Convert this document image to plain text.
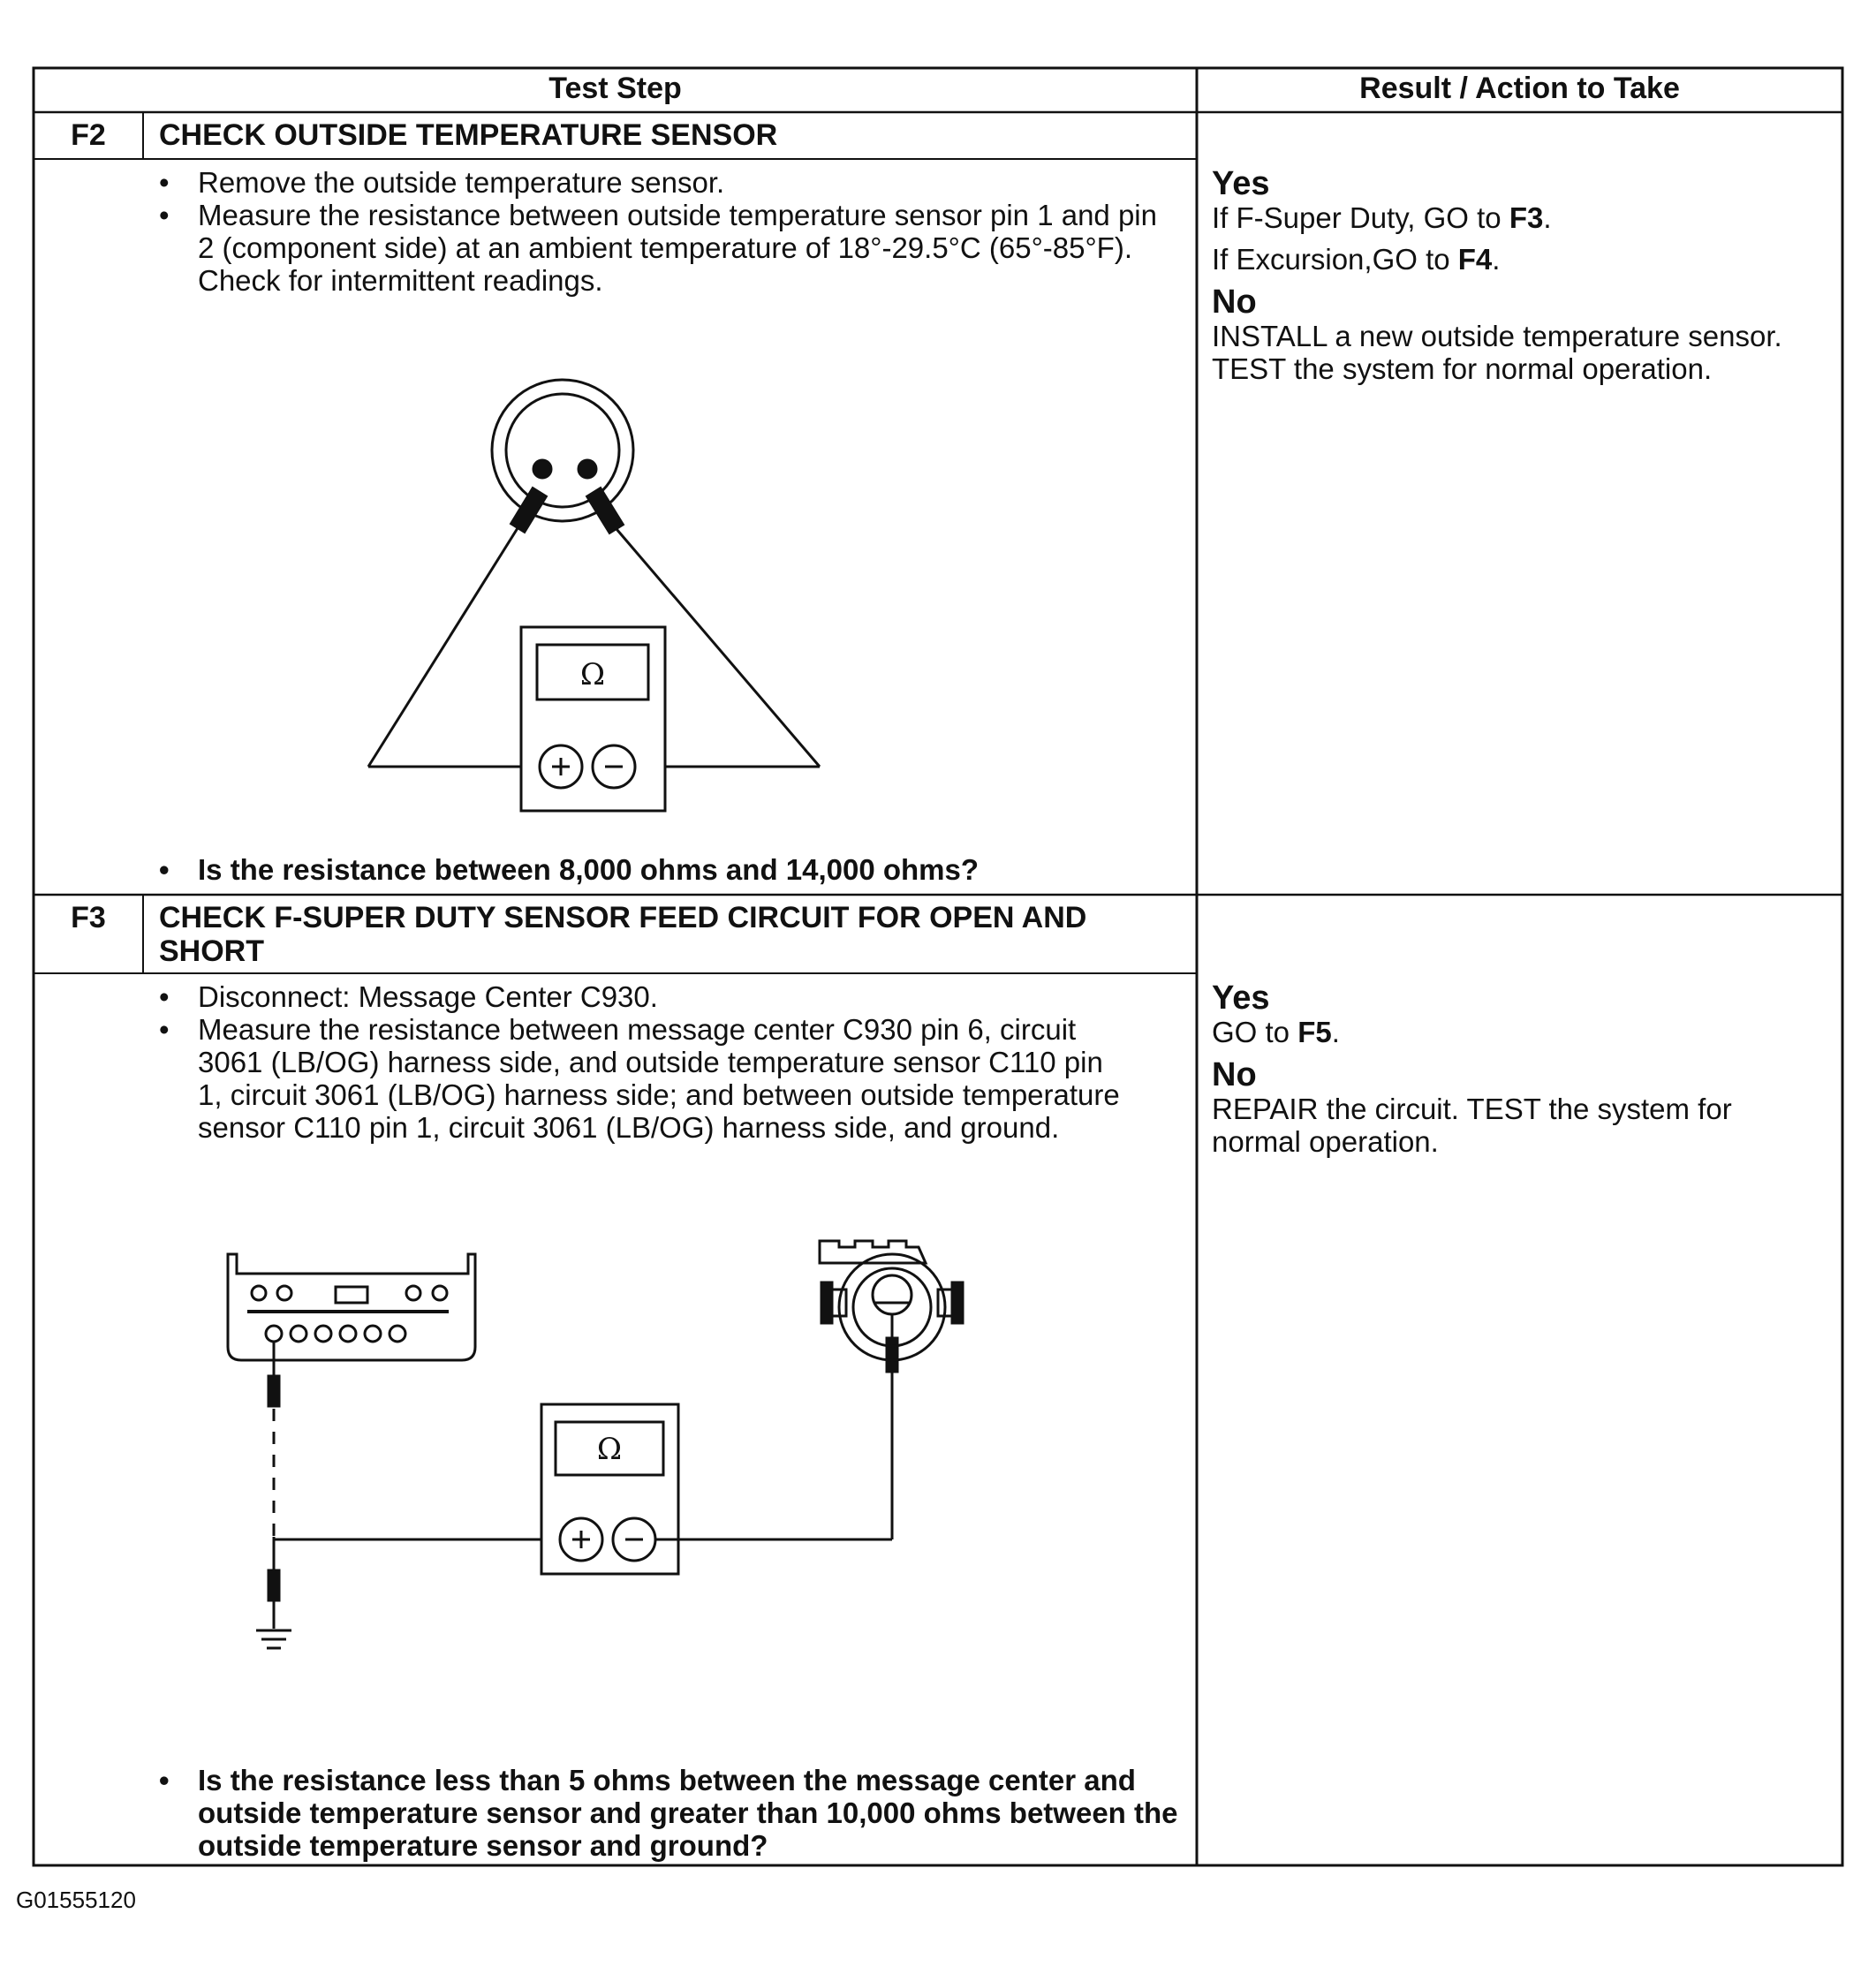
Test Step	Result / Action to Take
F2	CHECK OUTSIDE TEMPERATURE SENSOR
• Remove the outside temperature sensor.
• Measure the resistance between outside temperature sensor pin 1 and pin 2 (component side) at an ambient temperature of 18°-29.5°C (65°-85°F). Check for intermittent readings.
Ω
• Is the resistance between 8,000 ohms and 14,000 ohms?
Yes

If F-Super Duty, GO to F3.

If Excursion,GO to F4.

No

INSTALL a new outside temperature sensor. TEST the system for normal operation.

F3	CHECK F-SUPER DUTY SENSOR FEED CIRCUIT FOR OPEN AND SHORT
• Disconnect: Message Center C930.
• Measure the resistance between message center C930 pin 6, circuit 3061 (LB/OG) harness side, and outside temperature sensor C110 pin 1, circuit 3061 (LB/OG) harness side; and between outside temperature sensor C110 pin 1, circuit 3061 (LB/OG) harness side, and ground.
Ω
• Is the resistance less than 5 ohms between the message center and outside temperature sensor and greater than 10,000 ohms between the outside temperature sensor and ground?
Yes

GO to F5.

No

REPAIR the circuit. TEST the system for normal operation.

G01555120
